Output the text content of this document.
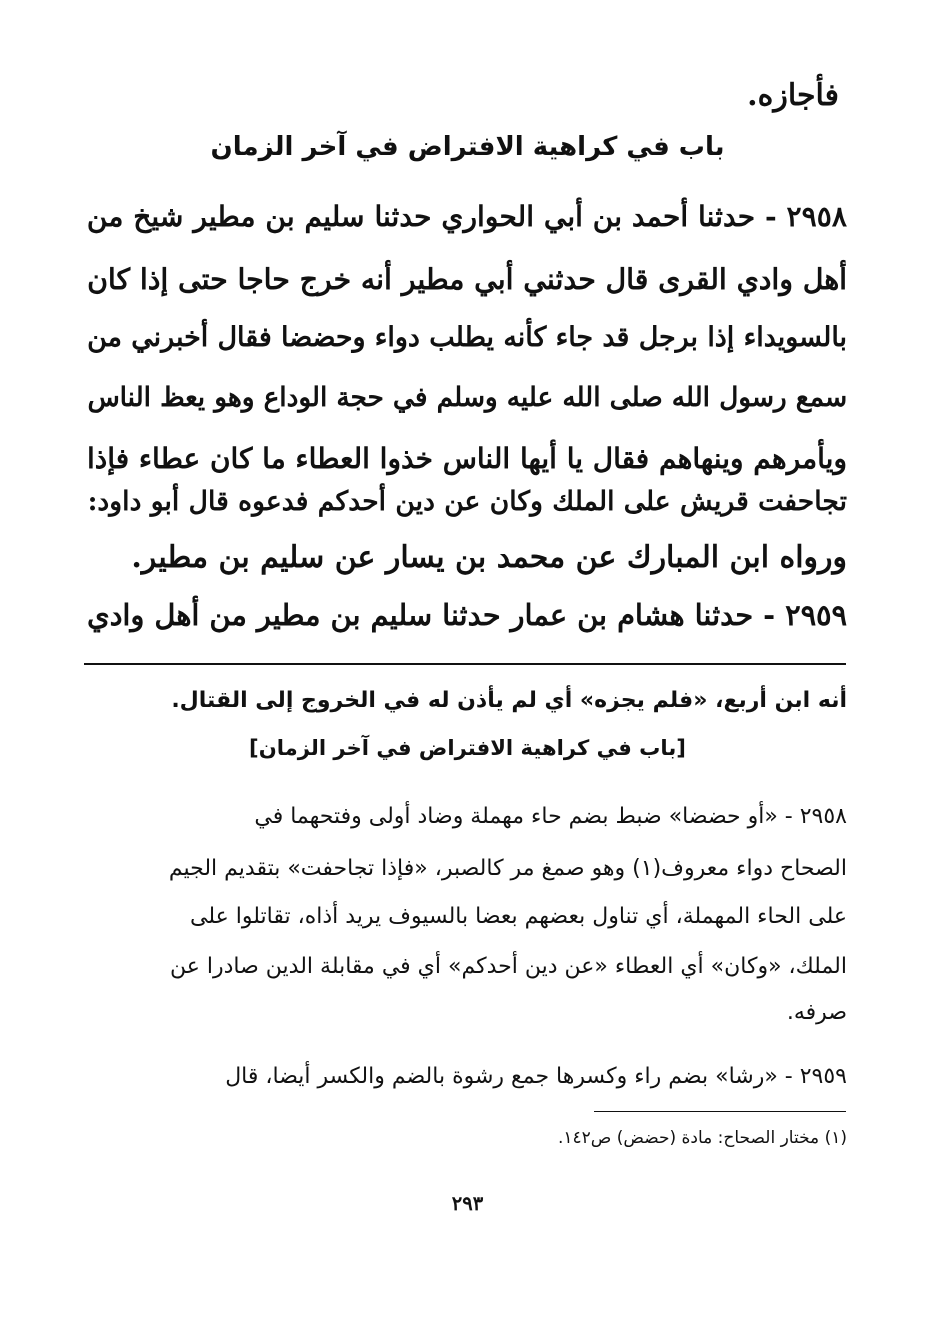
فأجازه.
باب في كراهية الافتراض في آخر الزمان
٢٩٥٨ - حدثنا أحمد بن أبي الحواري حدثنا سليم بن مطير شيخ من
أهل وادي القرى قال حدثني أبي مطير أنه خرج حاجا حتى إذا كان
بالسويداء إذا برجل قد جاء كأنه يطلب دواء وحضضا فقال أخبرني من
سمع رسول الله صلى الله عليه وسلم في حجة الوداع وهو يعظ الناس
ويأمرهم وينهاهم فقال يا أيها الناس خذوا العطاء ما كان عطاء فإذا
تجاحفت قريش على الملك وكان عن دين أحدكم فدعوه قال أبو داود:
ورواه ابن المبارك عن محمد بن يسار عن سليم بن مطير.
٢٩٥٩ - حدثنا هشام بن عمار حدثنا سليم بن مطير من أهل وادي
أنه ابن أربع، «فلم يجزه» أي لم يأذن له في الخروج إلى القتال.
[باب في كراهية الافتراض في آخر الزمان]
٢٩٥٨ - «أو حضضا» ضبط بضم حاء مهملة وضاد أولى وفتحهما في
الصحاح دواء معروف(١) وهو صمغ مر كالصبر، «فإذا تجاحفت» بتقديم الجيم
على الحاء المهملة، أي تناول بعضهم بعضا بالسيوف يريد أذاه، تقاتلوا على
الملك، «وكان» أي العطاء «عن دين أحدكم» أي في مقابلة الدين صادرا عن
صرفه.
٢٩٥٩ - «رشا» بضم راء وكسرها جمع رشوة بالضم والكسر أيضا، قال
(١) مختار الصحاح: مادة (حضض) ص١٤٢.
٢٩٣
